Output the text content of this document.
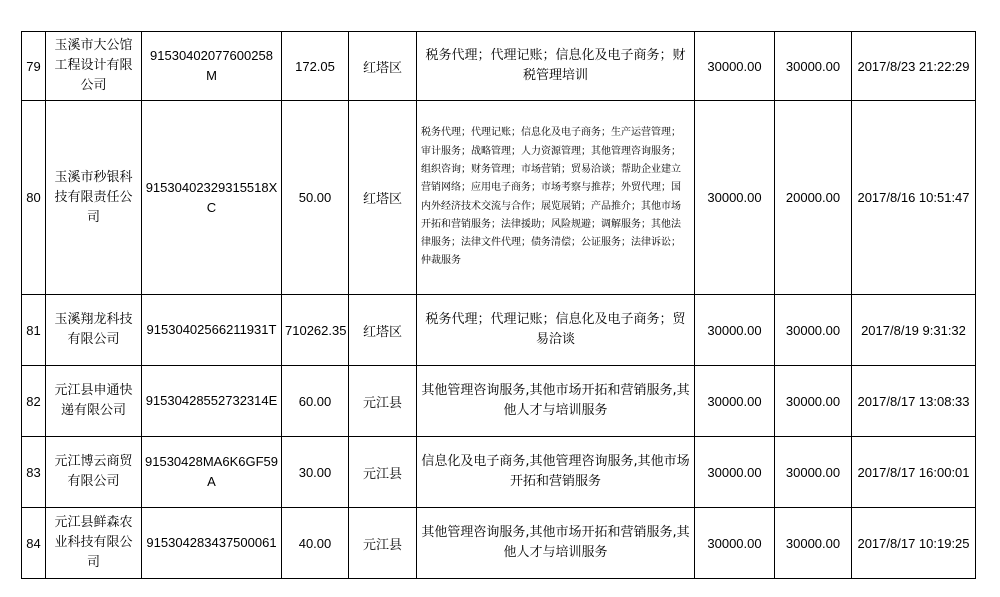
79	玉溪市大公馆工程设计有限公司	91530402077600258M	172.05	红塔区	税务代理；代理记账；信息化及电子商务；财税管理培训	30000.00	30000.00	2017/8/23 21:22:29
80	玉溪市秒银科技有限责任公司	91530402329315518XC	50.00	红塔区	税务代理；代理记账；信息化及电子商务；生产运营管理；审计服务；战略管理；人力资源管理；其他管理咨询服务；组织咨询；财务管理；市场营销；贸易洽谈；帮助企业建立营销网络；应用电子商务；市场考察与推荐；外贸代理；国内外经济技术交流与合作；展览展销；产品推介；其他市场开拓和营销服务；法律援助；风险规避；调解服务；其他法律服务；法律文件代理；债务清偿；公证服务；法律诉讼；仲裁服务	30000.00	20000.00	2017/8/16 10:51:47
81	玉溪翔龙科技有限公司	91530402566211931T	710262.35	红塔区	税务代理；代理记账；信息化及电子商务；贸易洽谈	30000.00	30000.00	2017/8/19 9:31:32
82	元江县申通快递有限公司	91530428552732314E	60.00	元江县	其他管理咨询服务,其他市场开拓和营销服务,其他人才与培训服务	30000.00	30000.00	2017/8/17 13:08:33
83	元江博云商贸有限公司	91530428MA6K6GF59A	30.00	元江县	信息化及电子商务,其他管理咨询服务,其他市场开拓和营销服务	30000.00	30000.00	2017/8/17 16:00:01
84	元江县鲜森农业科技有限公司	915304283437500061	40.00	元江县	其他管理咨询服务,其他市场开拓和营销服务,其他人才与培训服务	30000.00	30000.00	2017/8/17 10:19:25
